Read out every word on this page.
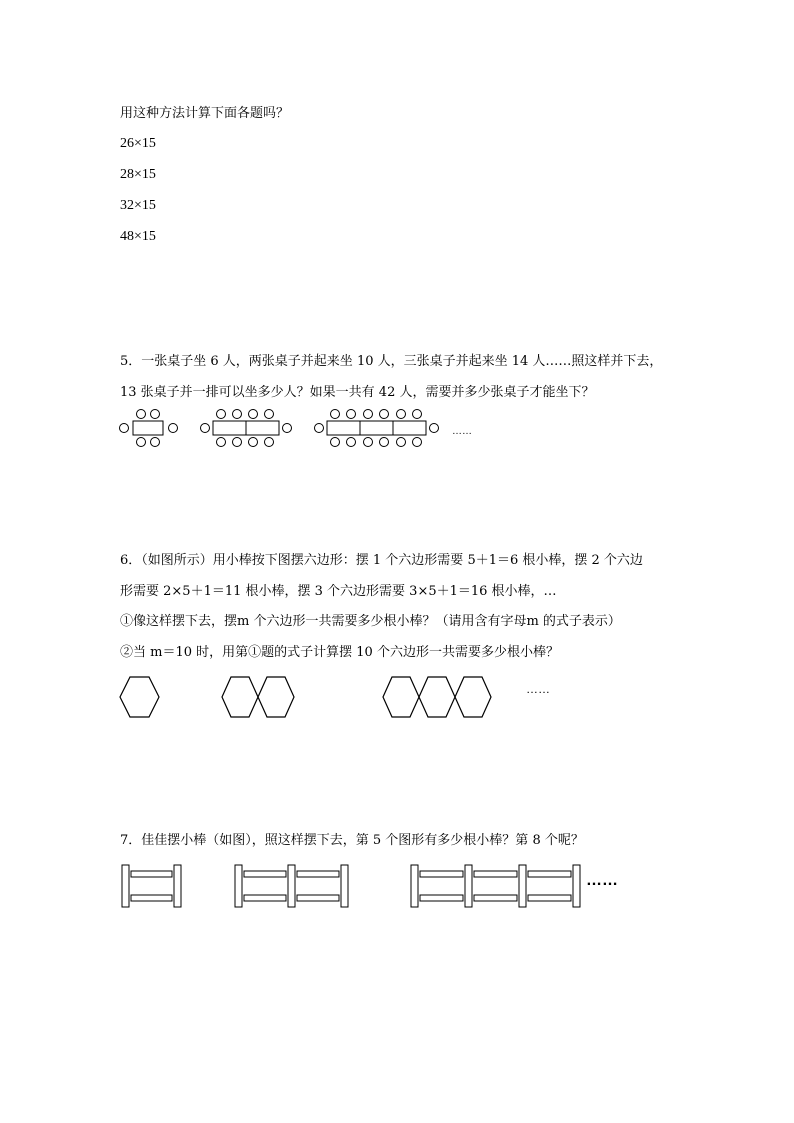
用这种方法计算下面各题吗？
26×15
28×15
32×15
48×15
5．一张桌子坐 6 人，两张桌子并起来坐 10 人，三张桌子并起来坐 14 人……照这样并下去，
13 张桌子并一排可以坐多少人？如果一共有 42 人，需要并多少张桌子才能坐下？
……
6．（如图所示）用小棒按下图摆六边形：摆 1 个六边形需要 5＋1＝6 根小棒，摆 2 个六边
形需要 2×5＋1＝11 根小棒，摆 3 个六边形需要 3×5＋1＝16 根小棒，…
①像这样摆下去，摆m 个六边形一共需要多少根小棒？（请用含有字母m 的式子表示）
②当 m＝10 时，用第①题的式子计算摆 10 个六边形一共需要多少根小棒？
……
7．佳佳摆小棒（如图），照这样摆下去，第 5 个图形有多少根小棒？第 8 个呢？
……
